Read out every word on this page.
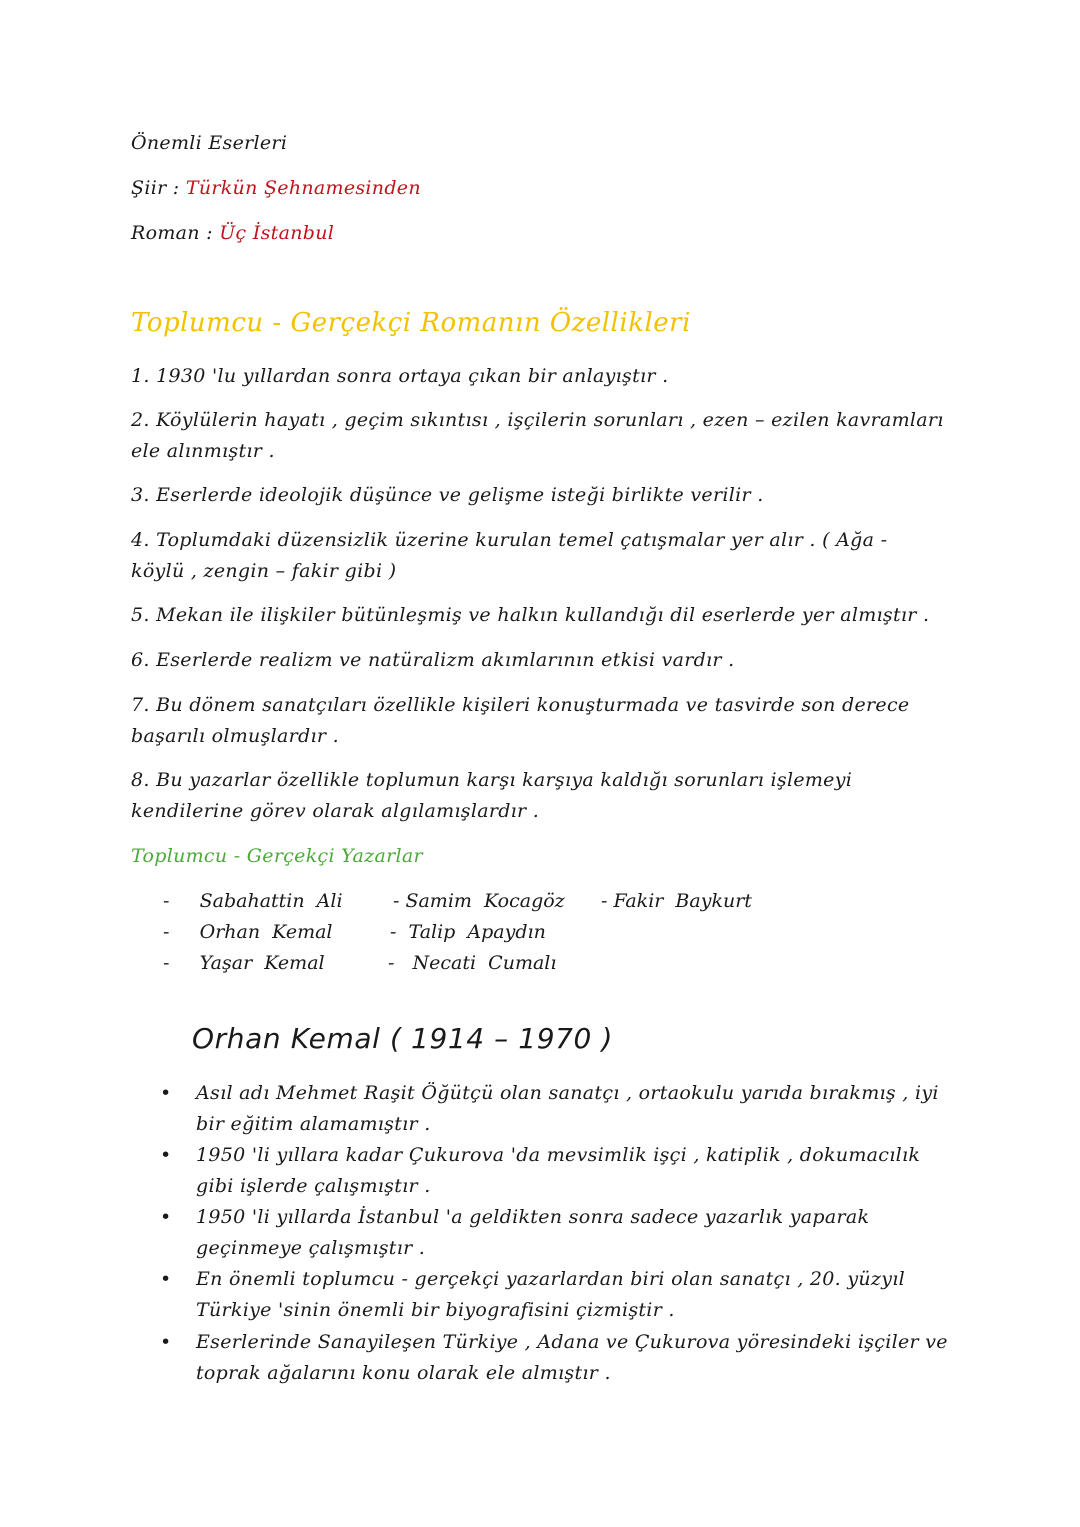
Önemli Eserleri
Şiir : Türkün Şehnamesinden
Roman : Üç İstanbul
Toplumcu - Gerçekçi Romanın Özellikleri
1. 1930 'lu yıllardan sonra ortaya çıkan bir anlayıştır .
2. Köylülerin hayatı , geçim sıkıntısı , işçilerin sorunları , ezen – ezilen kavramları ele alınmıştır .
3. Eserlerde ideolojik düşünce ve gelişme isteği birlikte verilir .
4. Toplumdaki düzensizlik üzerine kurulan temel çatışmalar yer alır . ( Ağa - köylü , zengin – fakir gibi )
5. Mekan ile ilişkiler bütünleşmiş ve halkın kullandığı dil eserlerde yer almıştır .
6. Eserlerde realizm ve natüralizm akımlarının etkisi vardır .
7. Bu dönem sanatçıları özellikle kişileri konuşturmada ve tasvirde son derece başarılı olmuşlardır .
8. Bu yazarlar özellikle toplumun karşı karşıya kaldığı sorunları işlemeyi kendilerine görev olarak algılamışlardır .
Toplumcu - Gerçekçi Yazarlar
-     Sabahattin  Ali
-     Orhan  Kemal
-     Yaşar  Kemal
- Samim  Kocagöz
-  Talip  Apaydın
-   Necati  Cumalı
- Fakir  Baykurt
Orhan Kemal ( 1914 – 1970 )
• Asıl adı Mehmet Raşit Öğütçü olan sanatçı , ortaokulu yarıda bırakmış , iyi bir eğitim alamamıştır .
• 1950 'li yıllara kadar Çukurova 'da mevsimlik işçi , katiplik , dokumacılık gibi işlerde çalışmıştır .
• 1950 'li yıllarda İstanbul 'a geldikten sonra sadece yazarlık yaparak geçinmeye çalışmıştır .
• En önemli toplumcu - gerçekçi yazarlardan biri olan sanatçı , 20. yüzyıl Türkiye 'sinin önemli bir biyografisini çizmiştir .
• Eserlerinde Sanayileşen Türkiye , Adana ve Çukurova yöresindeki işçiler ve toprak ağalarını konu olarak ele almıştır .
